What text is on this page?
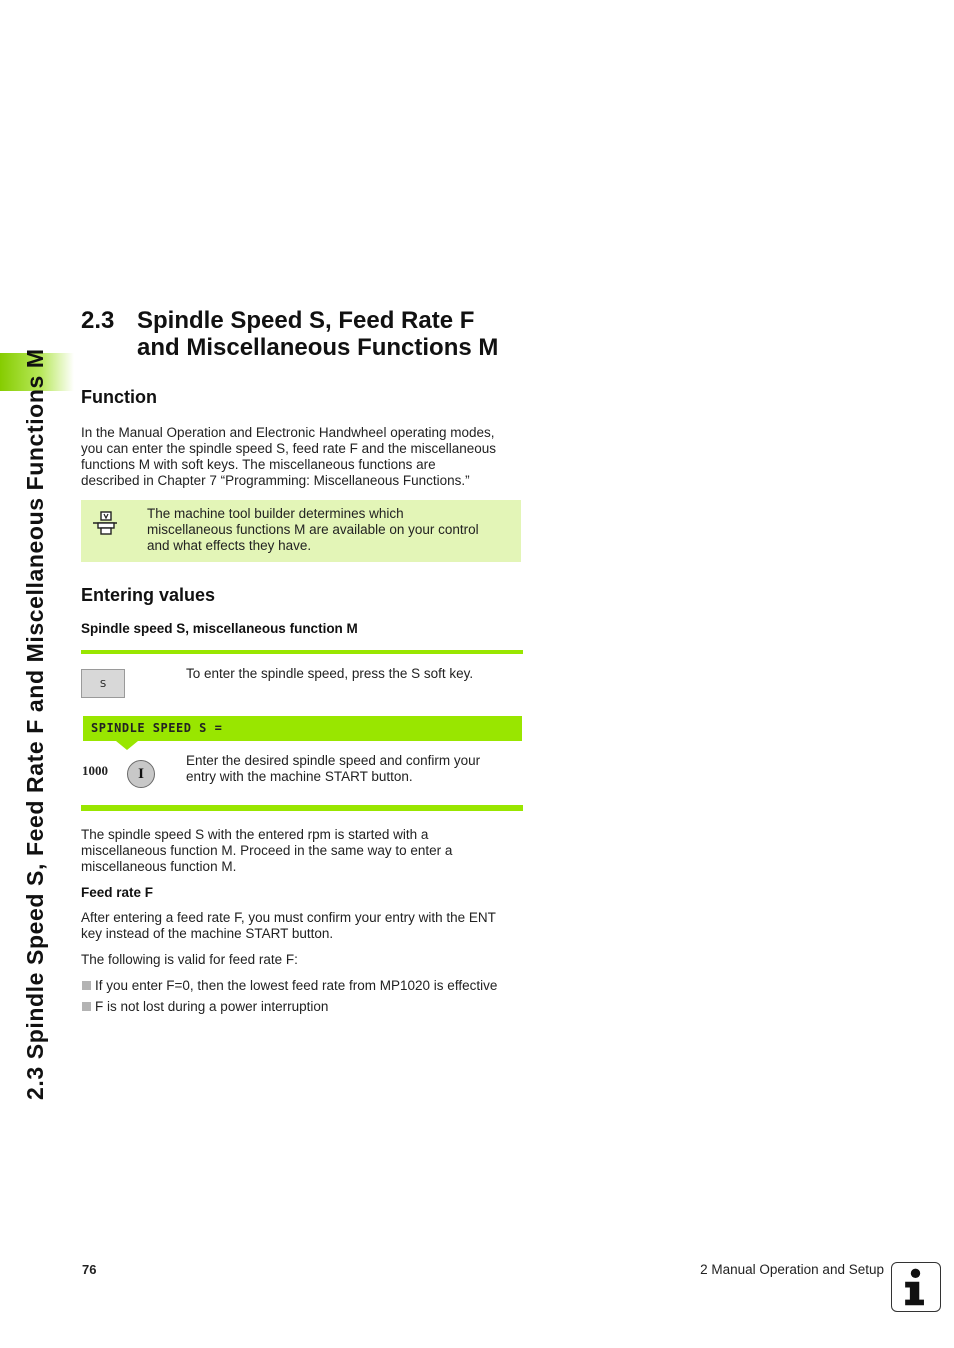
2.3 Spindle Speed S, Feed Rate F and Miscellaneous Functions M
2.3 Spindle Speed S, Feed Rate F
and Miscellaneous Functions M
Function
In the Manual Operation and Electronic Handwheel operating modes,
you can enter the spindle speed S, feed rate F and the miscellaneous
functions M with soft keys. The miscellaneous functions are
described in Chapter 7 “Programming: Miscellaneous Functions.”
The machine tool builder determines which
miscellaneous functions M are available on your control
and what effects they have.
Entering values
Spindle speed S, miscellaneous function M
S
To enter the spindle speed, press the S soft key.
SPINDLE SPEED S =
1000	I
Enter the desired spindle speed and confirm your
entry with the machine START button.
The spindle speed S with the entered rpm is started with a
miscellaneous function M. Proceed in the same way to enter a
miscellaneous function M.
Feed rate F
After entering a feed rate F, you must confirm your entry with the ENT
key instead of the machine START button.
The following is valid for feed rate F:
If you enter F=0, then the lowest feed rate from MP1020 is effective
F is not lost during a power interruption
76	2 Manual Operation and Setup
